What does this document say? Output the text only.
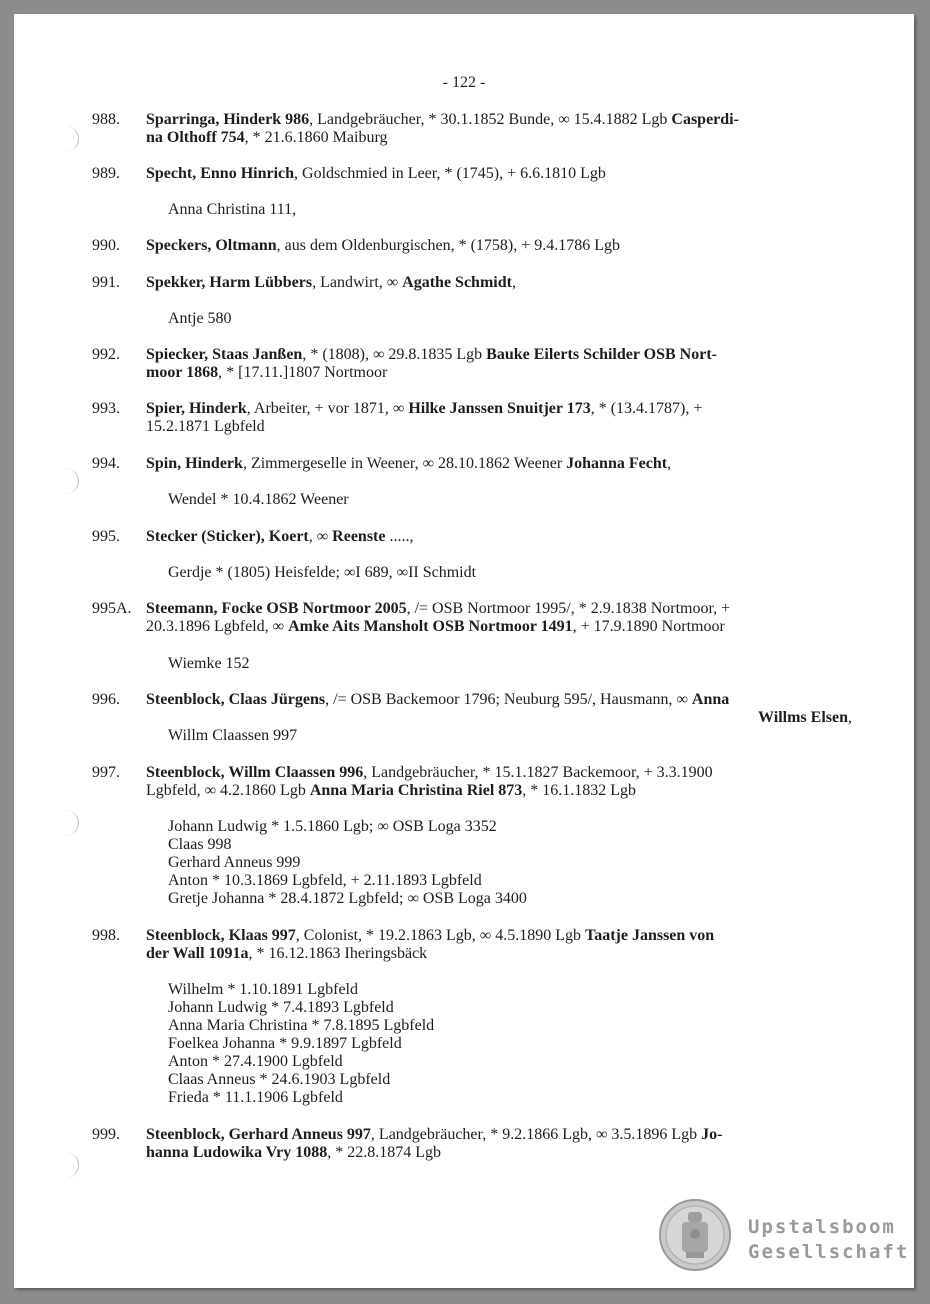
- 122 -
988. Sparringa, Hinderk 986, Landgebräucher, * 30.1.1852 Bunde, ∞ 15.4.1882 Lgb Casperdi-
na Olthoff 754, * 21.6.1860 Maiburg
989. Specht, Enno Hinrich, Goldschmied in Leer, * (1745), + 6.6.1810 Lgb
Anna Christina 111,
990. Speckers, Oltmann, aus dem Oldenburgischen, * (1758), + 9.4.1786 Lgb
991. Spekker, Harm Lübbers, Landwirt, ∞ Agathe Schmidt,
Antje 580
992. Spiecker, Staas Janßen, * (1808), ∞ 29.8.1835 Lgb Bauke Eilerts Schilder OSB Nort-
moor 1868, * [17.11.]1807 Nortmoor
993. Spier, Hinderk, Arbeiter, + vor 1871, ∞ Hilke Janssen Snuitjer 173, * (13.4.1787), +
15.2.1871 Lgbfeld
994. Spin, Hinderk, Zimmergeselle in Weener, ∞ 28.10.1862 Weener Johanna Fecht,
Wendel * 10.4.1862 Weener
995. Stecker (Sticker), Koert, ∞ Reenste .....,
Gerdje * (1805) Heisfelde; ∞I 689, ∞II Schmidt
995A. Steemann, Focke OSB Nortmoor 2005, /= OSB Nortmoor 1995/, * 2.9.1838 Nortmoor, +
20.3.1896 Lgbfeld, ∞ Amke Aits Mansholt OSB Nortmoor 1491, + 17.9.1890 Nortmoor
Wiemke 152
996. Steenblock, Claas Jürgens, /= OSB Backemoor 1796; Neuburg 595/, Hausmann, ∞ Anna
Willms Elsen,
Willm Claassen 997
997. Steenblock, Willm Claassen 996, Landgebräucher, * 15.1.1827 Backemoor, + 3.3.1900
Lgbfeld, ∞ 4.2.1860 Lgb Anna Maria Christina Riel 873, * 16.1.1832 Lgb
Johann Ludwig * 1.5.1860 Lgb; ∞ OSB Loga 3352
Claas 998
Gerhard Anneus 999
Anton * 10.3.1869 Lgbfeld, + 2.11.1893 Lgbfeld
Gretje Johanna * 28.4.1872 Lgbfeld; ∞ OSB Loga 3400
998. Steenblock, Klaas 997, Colonist, * 19.2.1863 Lgb, ∞ 4.5.1890 Lgb Taatje Janssen von
der Wall 1091a, * 16.12.1863 Iheringsbäck
Wilhelm * 1.10.1891 Lgbfeld
Johann Ludwig * 7.4.1893 Lgbfeld
Anna Maria Christina * 7.8.1895 Lgbfeld
Foelkea Johanna * 9.9.1897 Lgbfeld
Anton * 27.4.1900 Lgbfeld
Claas Anneus * 24.6.1903 Lgbfeld
Frieda * 11.1.1906 Lgbfeld
999. Steenblock, Gerhard Anneus 997, Landgebräucher, * 9.2.1866 Lgb, ∞ 3.5.1896 Lgb Jo-
hanna Ludowika Vry 1088, * 22.8.1874 Lgb
Upstalsboom
Gesellschaft
